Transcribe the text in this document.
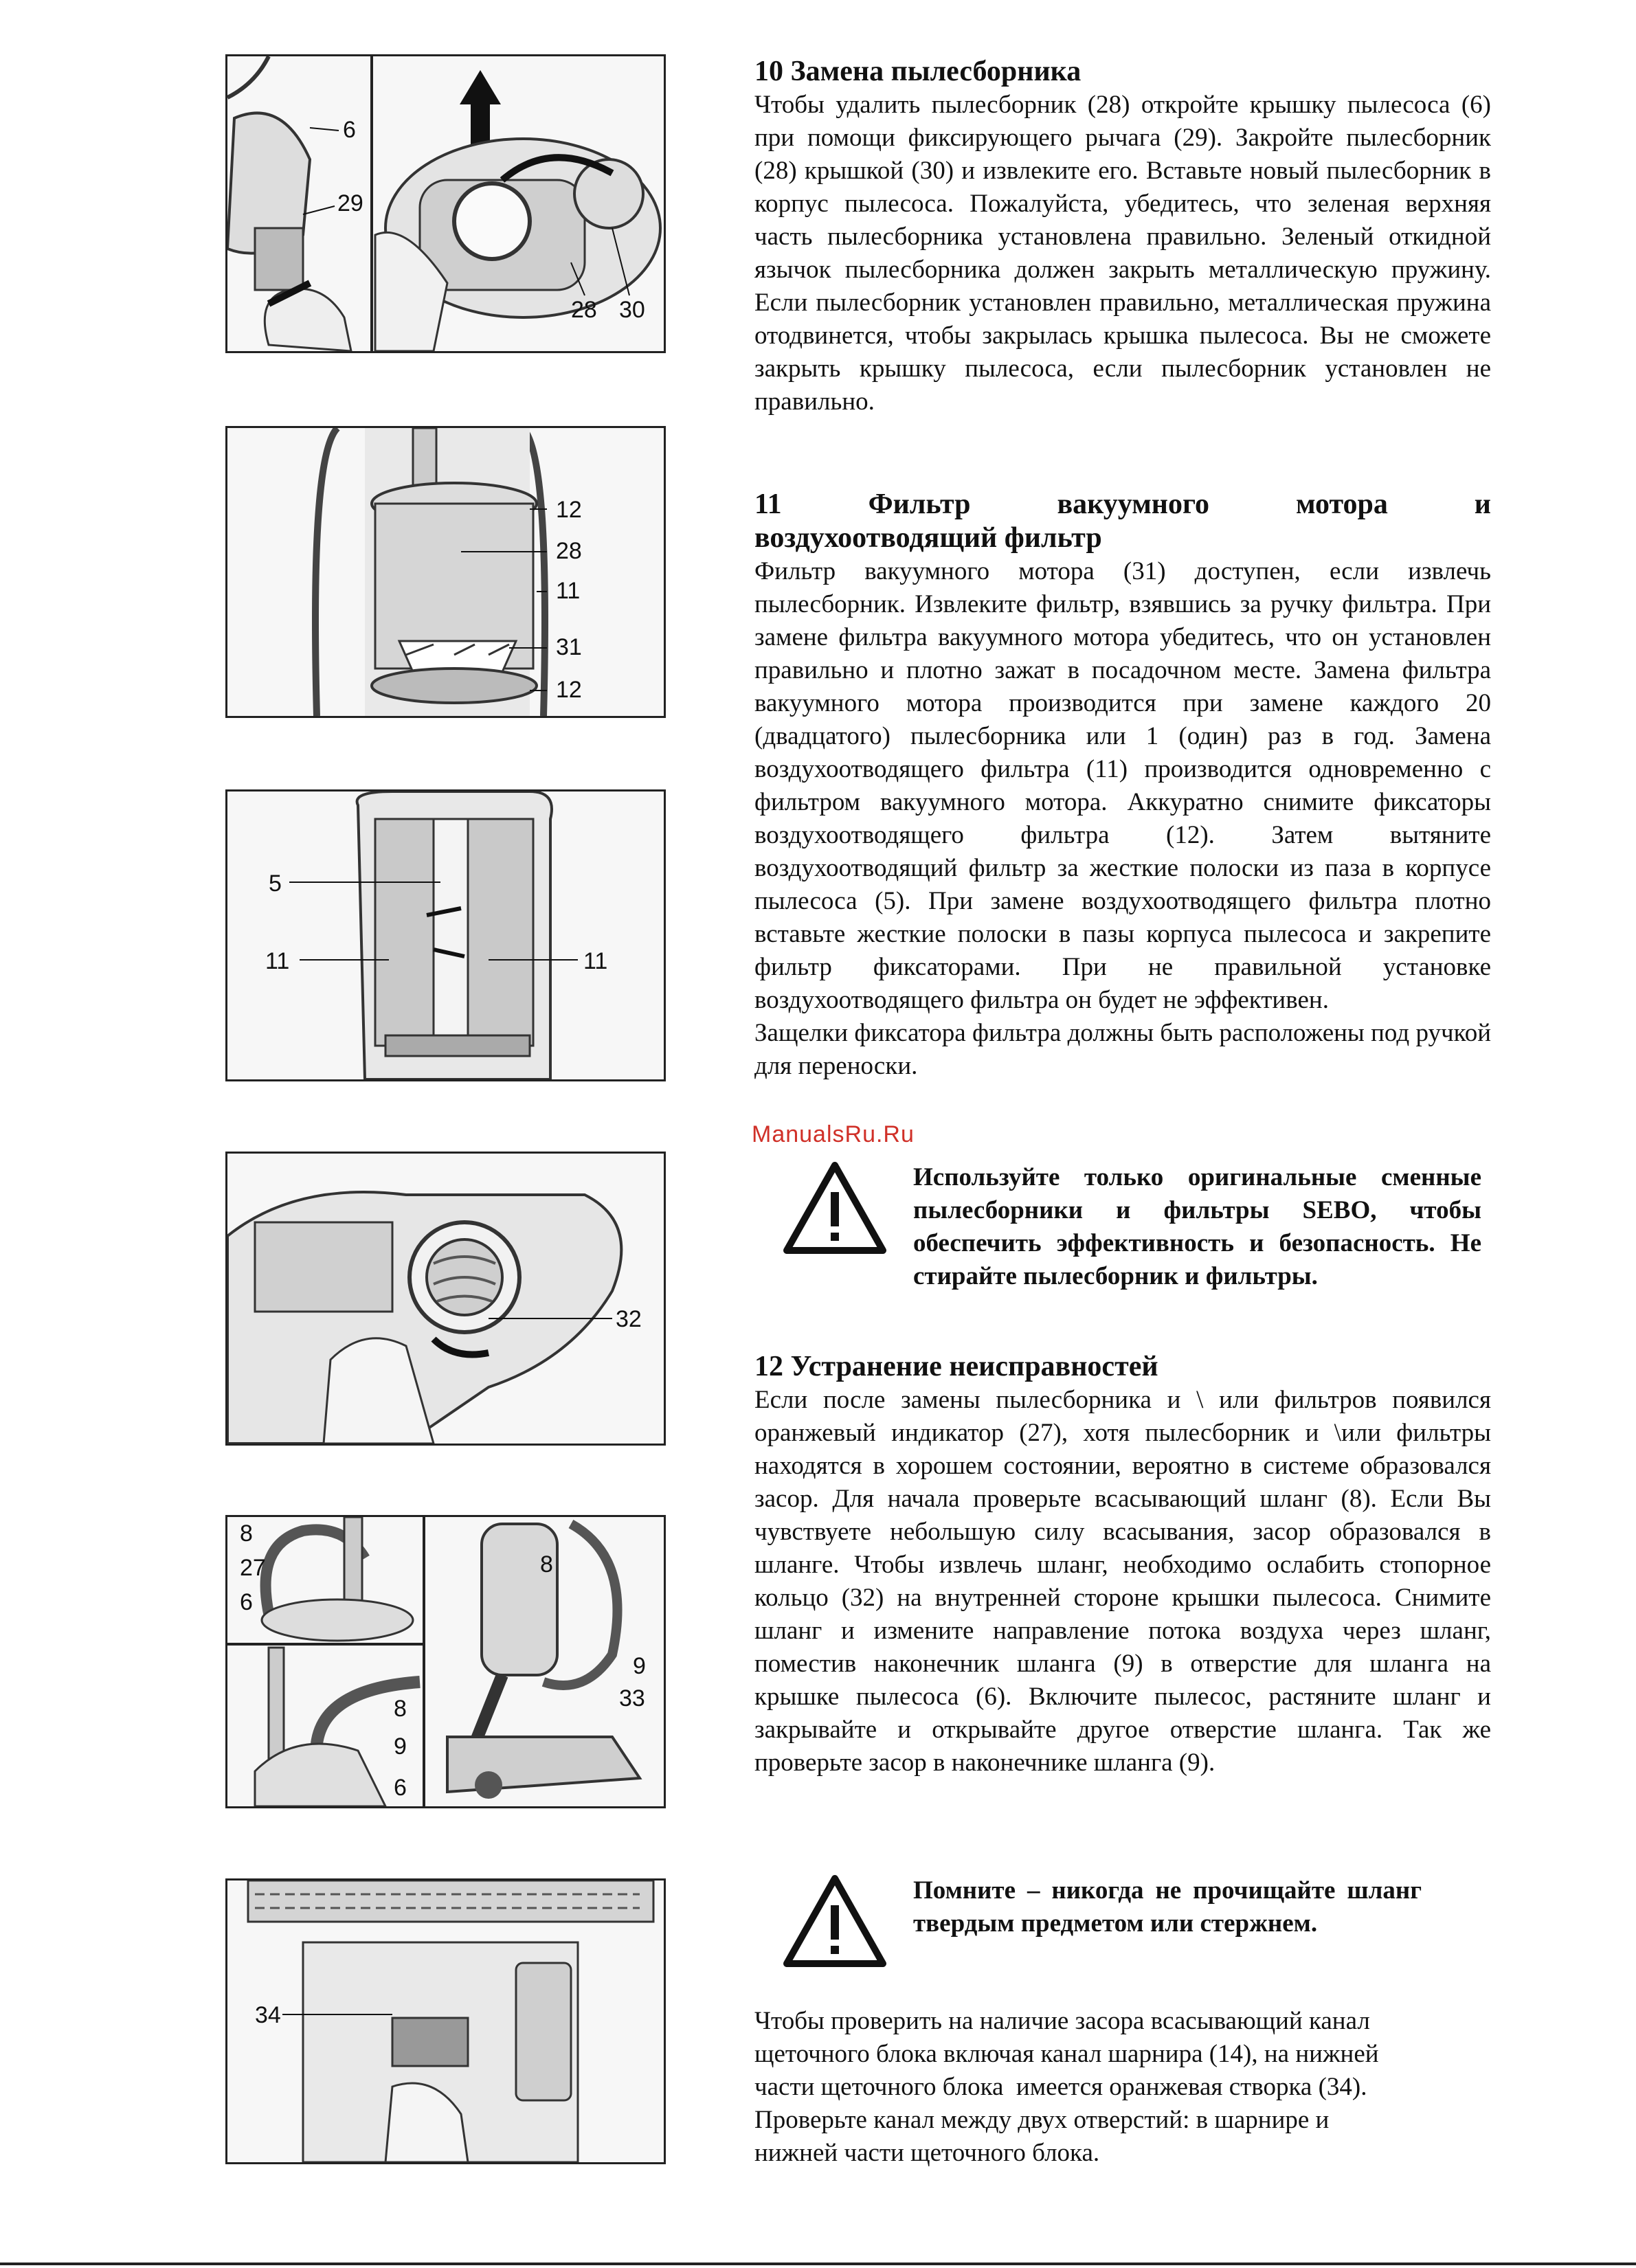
6
29
28 30
12
28
11
31
12
5
11	11
32
8
27
6
8
9
6
8
9
33
34
10 Замена пылесборника

Чтобы удалить пылесборник (28) откройте крышку пылесоса (6) при помощи фиксирующего рычага (29). Закройте пылесборник (28) крышкой (30) и извлеките его. Вставьте новый пылесборник в корпус пылесоса. Пожалуйста, убедитесь, что зеленая верхняя часть пылесборника установлена правильно. Зеленый откидной язычок пылесборника должен закрыть металлическую пружину. Если пылесборник установлен правильно, металлическая пружина отодвинется, чтобы закрылась крышка пылесоса. Вы не сможете закрыть крышку пылесоса, если пылесборник установлен не правильно.

11 Фильтр вакуумного мотора и
воздухоотводящий фильтр

Фильтр вакуумного мотора (31) доступен, если извлечь пылесборник. Извлеките фильтр, взявшись за ручку фильтра. При замене фильтра вакуумного мотора убедитесь, что он установлен правильно и плотно зажат в посадочном месте. Замена фильтра вакуумного мотора производится при замене каждого 20 (двадцатого) пылесборника или 1 (один) раз в год. Замена воздухоотводящего фильтра (11) производится одновременно с фильтром вакуумного мотора. Аккуратно снимите фиксаторы воздухоотводящего фильтра (12). Затем вытяните воздухоотводящий фильтр за жесткие полоски из паза в корпусе пылесоса (5). При замене воздухоотводящего фильтра плотно вставьте жесткие полоски в пазы корпуса пылесоса и закрепите фильтр фиксаторами. При не правильной установке воздухоотводящего фильтра он будет не эффективен.

Защелки фиксатора фильтра должны быть расположены под ручкой для переноски.

ManualsRu.Ru
Используйте только оригинальные сменные пылесборники и фильтры SEBO, чтобы обеспечить эффективность и безопасность. Не стирайте пылесборник и фильтры.
12 Устранение неисправностей

Если после замены пылесборника и \ или фильтров появился оранжевый индикатор (27), хотя пылесборник и \или фильтры находятся в хорошем состоянии, вероятно в системе образовался засор. Для начала проверьте всасывающий шланг (8). Если Вы чувствуете небольшую силу всасывания, засор образовался в шланге. Чтобы извлечь шланг, необходимо ослабить стопорное кольцо (32) на внутренней стороне крышки пылесоса. Снимите шланг и измените направление потока воздуха через шланг, поместив наконечник шланга (9) в отверстие для шланга на крышке пылесоса (6). Включите пылесос, растяните шланг и закрывайте и открывайте другое отверстие шланга. Так же проверьте засор в наконечнике шланга (9).

Помните – никогда не прочищайте шланг твердым предметом или стержнем.

Чтобы проверить на наличие засора всасывающий канал

щеточного блока включая канал шарнира (14), на нижней

части щеточного блока  имеется оранжевая створка (34).

Проверьте канал между двух отверстий: в шарнире и

нижней части щеточного блока.
